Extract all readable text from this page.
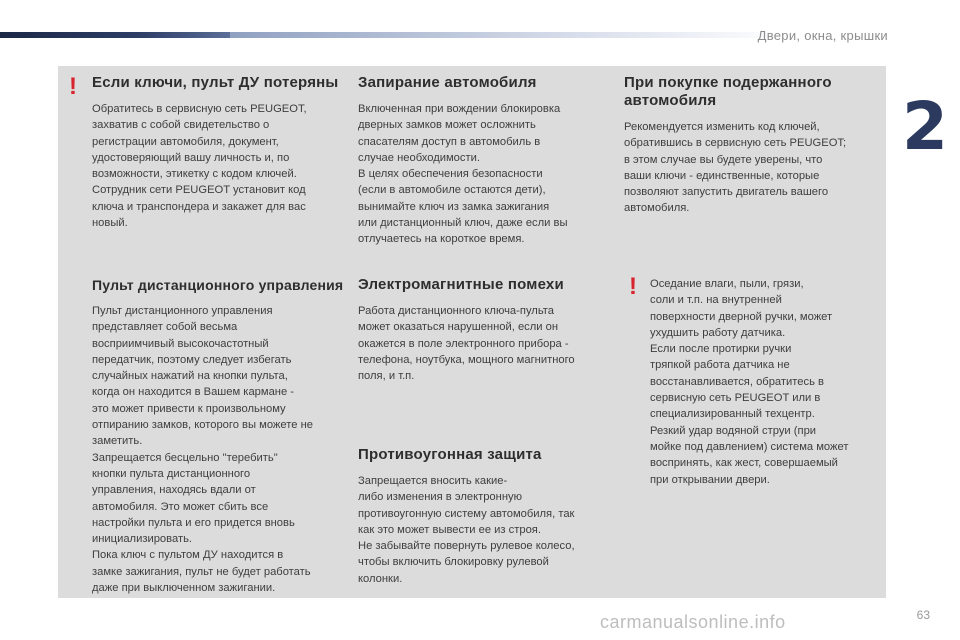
Двери, окна, крышки
2
! Если ключи, пульт ДУ потеряны

Обратитесь в сервисную сеть PEUGEOT,
захватив с собой свидетельство о
регистрации автомобиля, документ,
удостоверяющий вашу личность и, по
возможности, этикетку с кодом ключей.
Сотрудник сети PEUGEOT установит код
ключа и транспондера и закажет для вас
новый.

Пульт дистанционного управления

Пульт дистанционного управления
представляет собой весьма
восприимчивый высокочастотный
передатчик, поэтому следует избегать
случайных нажатий на кнопки пульта,
когда он находится в Вашем кармане -
это может привести к произвольному
отпиранию замков, которого вы можете не
заметить.
Запрещается бесцельно "теребить"
кнопки пульта дистанционного
управления, находясь вдали от
автомобиля. Это может сбить все
настройки пульта и его придется вновь
инициализировать.
Пока ключ с пультом ДУ находится в
замке зажигания, пульт не будет работать
даже при выключенном зажигании.

Запирание автомобиля

Включенная при вождении блокировка
дверных замков может осложнить
спасателям доступ в автомобиль в
случае необходимости.
В целях обеспечения безопасности
(если в автомобиле остаются дети),
вынимайте ключ из замка зажигания
или дистанционный ключ, даже если вы
отлучаетесь на короткое время.

Электромагнитные помехи

Работа дистанционного ключа-пульта
может оказаться нарушенной, если он
окажется в поле электронного прибора -
телефона, ноутбука, мощного магнитного
поля, и т.п.

Противоугонная защита

Запрещается вносить какие-
либо изменения в электронную
противоугонную систему автомобиля, так
как это может вывести ее из строя.
Не забывайте повернуть рулевое колесо,
чтобы включить блокировку рулевой
колонки.

При покупке подержанного автомобиля

Рекомендуется изменить код ключей,
обратившись в сервисную сеть PEUGEOT;
в этом случае вы будете уверены, что
ваши ключи - единственные, которые
позволяют запустить двигатель вашего
автомобиля.

! Оседание влаги, пыли, грязи,
соли и т.п. на внутренней
поверхности дверной ручки, может
ухудшить работу датчика.
Если после протирки ручки
тряпкой работа датчика не
восстанавливается, обратитесь в
сервисную сеть PEUGEOT или в
специализированный техцентр.
Резкий удар водяной струи (при
мойке под давлением) система может
воспринять, как жест, совершаемый
при открывании двери.

carmanualsonline.info	63
